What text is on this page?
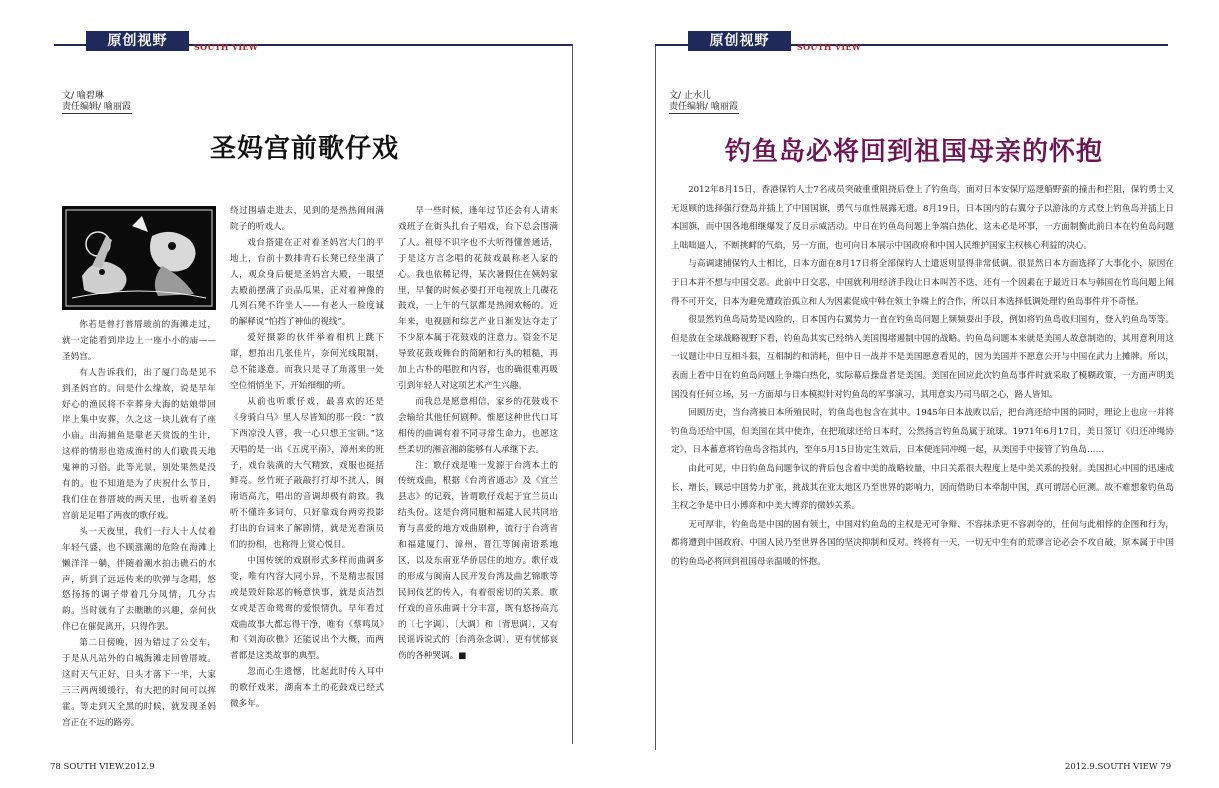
原创视野	SOUTH VIEW
文/ 喻碧琳
责任编辑/ 喻丽霞
圣妈宫前歌仔戏

你若是曾打普厝玻前的海滩走过，就一定能看到岸边上一座小小的庙——圣妈宫。

有人告诉我们，出了厦门岛是见不到圣妈宫的。问是什么缘故，说是早年好心的渔民将不幸葬身大海的姑娘带回岸上集中安葬，久之这一块儿就有了座小庙。出海捕鱼是靠老天赏饭的生计，这样的情形也造成渔村的人们敬畏天地鬼神的习俗。此等光景，别处果然是没有的。也不知道是为了庆祝什么节日，我们住在普厝坡的两天里，也听着圣妈宫前足足唱了两夜的歌仔戏。

头一天夜里，我们一行人十人仗着年轻气盛，也不顾涨潮的危险在海滩上懒洋洋一躺，伴随着潮水拍击礁石的水声，听到了远远传来的吹弹与念唱，悠悠扬扬的调子带着几分凤情，几分古韵。当时就有了去瞧瞧的兴趣，奈何伙伴已在催促离开，只得作罢。

第二日傍晚，因为错过了公交车，于是从凡站外的白城海滩走回曾厝坡。这时天气正好，日头才落下一半，大家三三两两缓缓行，有大把的时间可以挥霍。等走到天全黑的时候，就发现圣妈宫正在不远的路旁。

绕过围墙走进去，见到的是热热闹闹满院子的听戏人。

戏台搭建在正对着圣妈宫大门的平地上，台前十数排青石长凳已经坐满了人，观众身后便是圣妈宫大殿，一眼望去殿前摆满了贡品瓜果，正对着神像的几列石凳不许坐人——有老人一脸度诚的解释说“怕挡了神仙的视线”。

爱好摄影的伙伴举着相机上跳下窜，想拍出几张佳片，奈何光线限制，总不能遂意。而我只是寻了角落里一处空位悄悄坐下，开始细细的听。

从前也听歌仔戏，最喜欢的还是《身骑白马》里人尽皆知的那一段：“放下西凉没人管，我一心只想王宝钏。”这天唱的是一出《五虎平南》，漳州来的班子，戏台装潢的大气精致，戏服也挺括鲜亮。丝竹班子敲敲打打却不扰人，闽南语高亢，唱出的音调却极有韵致。我听不懂许多词句，只好靠戏台两旁投影打出的台词来了解剧情，就是光看演员们的扮相，也称得上赏心悦目。

中国传统的戏剧形式多样而曲调多变，唯有内容大同小异，不是精忠报国或是毁奸除恶的畅意快事，就是贞洁烈女或是苦命鸳鸯的爱恨情仇。早年看过戏曲故事大都忘得干净，唯有《蔡鸣凤》和《刘海砍樵》还能说出个大概，而两者都是这类故事的典型。

忽而心生遗憾，比起此时传入耳中的歌仔戏来，湖南本土的花鼓戏已经式微多年。

早一些时候，逢年过节还会有人请来戏班子在街头扎台子唱戏，台下总会围满了人。祖母不识字也不大听得懂普通话，于是这方言念唱的花鼓戏最称老人家的心。我也依稀记得，某次暑假住在姨妈家里，早餐的时候必要打开电视放上几碟花鼓戏，一上午的气氛都是热闹欢畅的。近年来，电视剧和综艺产业日渐发达夺走了不少原本属于花鼓戏的注意力。资金不足导致花鼓戏舞台的简陋和行头的粗糙，再加上古朴的唱腔和内容，也的确很难再吸引到年轻人对这项艺术产生兴趣。

而我总是愿意相信，家乡的花鼓戏不会输给其他任何剧种。惟愿这种世代口耳相传的曲调有着不同寻常生命力，也愿这些柔切的湘音湘韵能够有人承继下去。

注：歌仔戏是唯一发源于台湾本土的传统戏曲，根据《台湾省通志》及《宜兰县志》的记载，皆谓歌仔戏起于宜兰员山结头份。这是台湾同胞和福建人民共同培育与喜爱的地方戏曲剧种，流行于台湾省和福建厦门、漳州、晋江等闽南语系地区，以及东南亚华侨居住的地方。歌仔戏的形成与闽南人民开发台湾及曲艺锦歌等民间伎艺的传入，有着很密切的关系。歌仔戏的音乐曲调十分丰富，既有悠扬高亢的〔七字调〕、〔大调〕和〔背思调〕，又有民谣诉说式的〔台湾杂念调〕，更有忧郁哀伤的各种哭调。■

78 SOUTH VIEW.2012.9
原创视野	SOUTH VIEW
文/ 止水儿
责任编辑/ 喻丽霞
钓鱼岛必将回到祖国母亲的怀抱

2012年8月15日，香港保钓人士7名成员突破重重阻挠后登上了钓鱼岛，面对日本安保厅巡逻船野蛮的撞击和拦阻，保钓勇士又无返顾的选择强行登岛并插上了中国国旗，勇气与血性展露无遗。8月19日，日本国内的右翼分子以游泳的方式登上钓鱼岛并插上日本国旗，而中国各地相继爆发了反日示威活动。中日在钓鱼岛问题上争端白热化，这未必是坏事，一方面制衡此前日本在钓鱼岛问题上咄咄逼人，不断挑衅的气焰，另一方面，也可向日本展示中国政府和中国人民维护国家主权核心利益的决心。

与高调逮捕保钓人士相比，日本方面在8月17日将全部保钓人士遣返则显得非常低调。很显然日本方面选择了大事化小，原因在于日本并不想与中国交恶。此前中日交恶，中国就利用经济手段让日本叫苦不迭，还有一个因素在于最近日本与韩国在竹岛问题上闹得不可开交，日本为避免遭政治孤立和人为因素促成中韩在领土争端上的合作，所以日本选择低调处理钓鱼岛事件并不奇怪。

很显然钓鱼岛局势是凶险的，日本国内右翼势力一直在钓鱼岛问题上频频耍出手段，例如将钓鱼岛收归国有，登入钓鱼岛等等。但是放在全球战略视野下看，钓鱼岛其实已经纳入美国围堵遏制中国的战略。钓鱼岛问题本来就是美国人故意制造的，其用意利用这一议题让中日互相斗狠，互相制约和消耗，但中日一战并不是美国愿意看见的，因为美国并不愿意公开与中国在武力上摊牌。所以，表面上看中日在钓鱼岛问题上争端白热化，实际幕后操盘者是美国。美国在回应此次钓鱼岛事件时就采取了模糊政策，一方面声明美国没有任何立场，另一方面却与日本模拟针对钓鱼岛的军事演习，其用意实乃司马昭之心，路人皆知。

回顾历史，当台湾被日本所殖民时，钓鱼岛也包含在其中。1945年日本战败以后，把台湾还给中国的同时，理论上也应一并将钓鱼岛还给中国，但美国在其中使诈，在把琉球还给日本时，公然扬言钓鱼岛属于琉球。1971年6月17日，美日签订《归还冲绳协定》，日本蓄意将钓鱼岛含指其内，至年5月15日协定生效后，日本便连同冲绳一起，从美国手中接管了钓鱼岛……

由此可见，中日钓鱼岛问题争议的背后包含着中美的战略较量，中日关系很大程度上是中美关系的投射。美国担心中国的迅速成长、增长，顾忌中国势力扩张，挑战其在亚太地区乃至世界的影响力，因而借助日本牵制中国，真可谓居心叵测。故不难想象钓鱼岛主权之争是中日小博弈和中美大博弈的微妙关系。

无可厚非，钓鱼岛是中国的固有领土，中国对钓鱼岛的主权是无可争辩、不容抹杀更不容剥夺的，任何与此相悖的企图和行为，都将遭到中国政府、中国人民乃至世界各国的坚决抑制和反对。终将有一天，一切无中生有的荒谬言论必会不攻自破，原本属于中国的钓鱼岛必将回到祖国母亲温暖的怀抱。

2012.9.SOUTH VIEW 79
